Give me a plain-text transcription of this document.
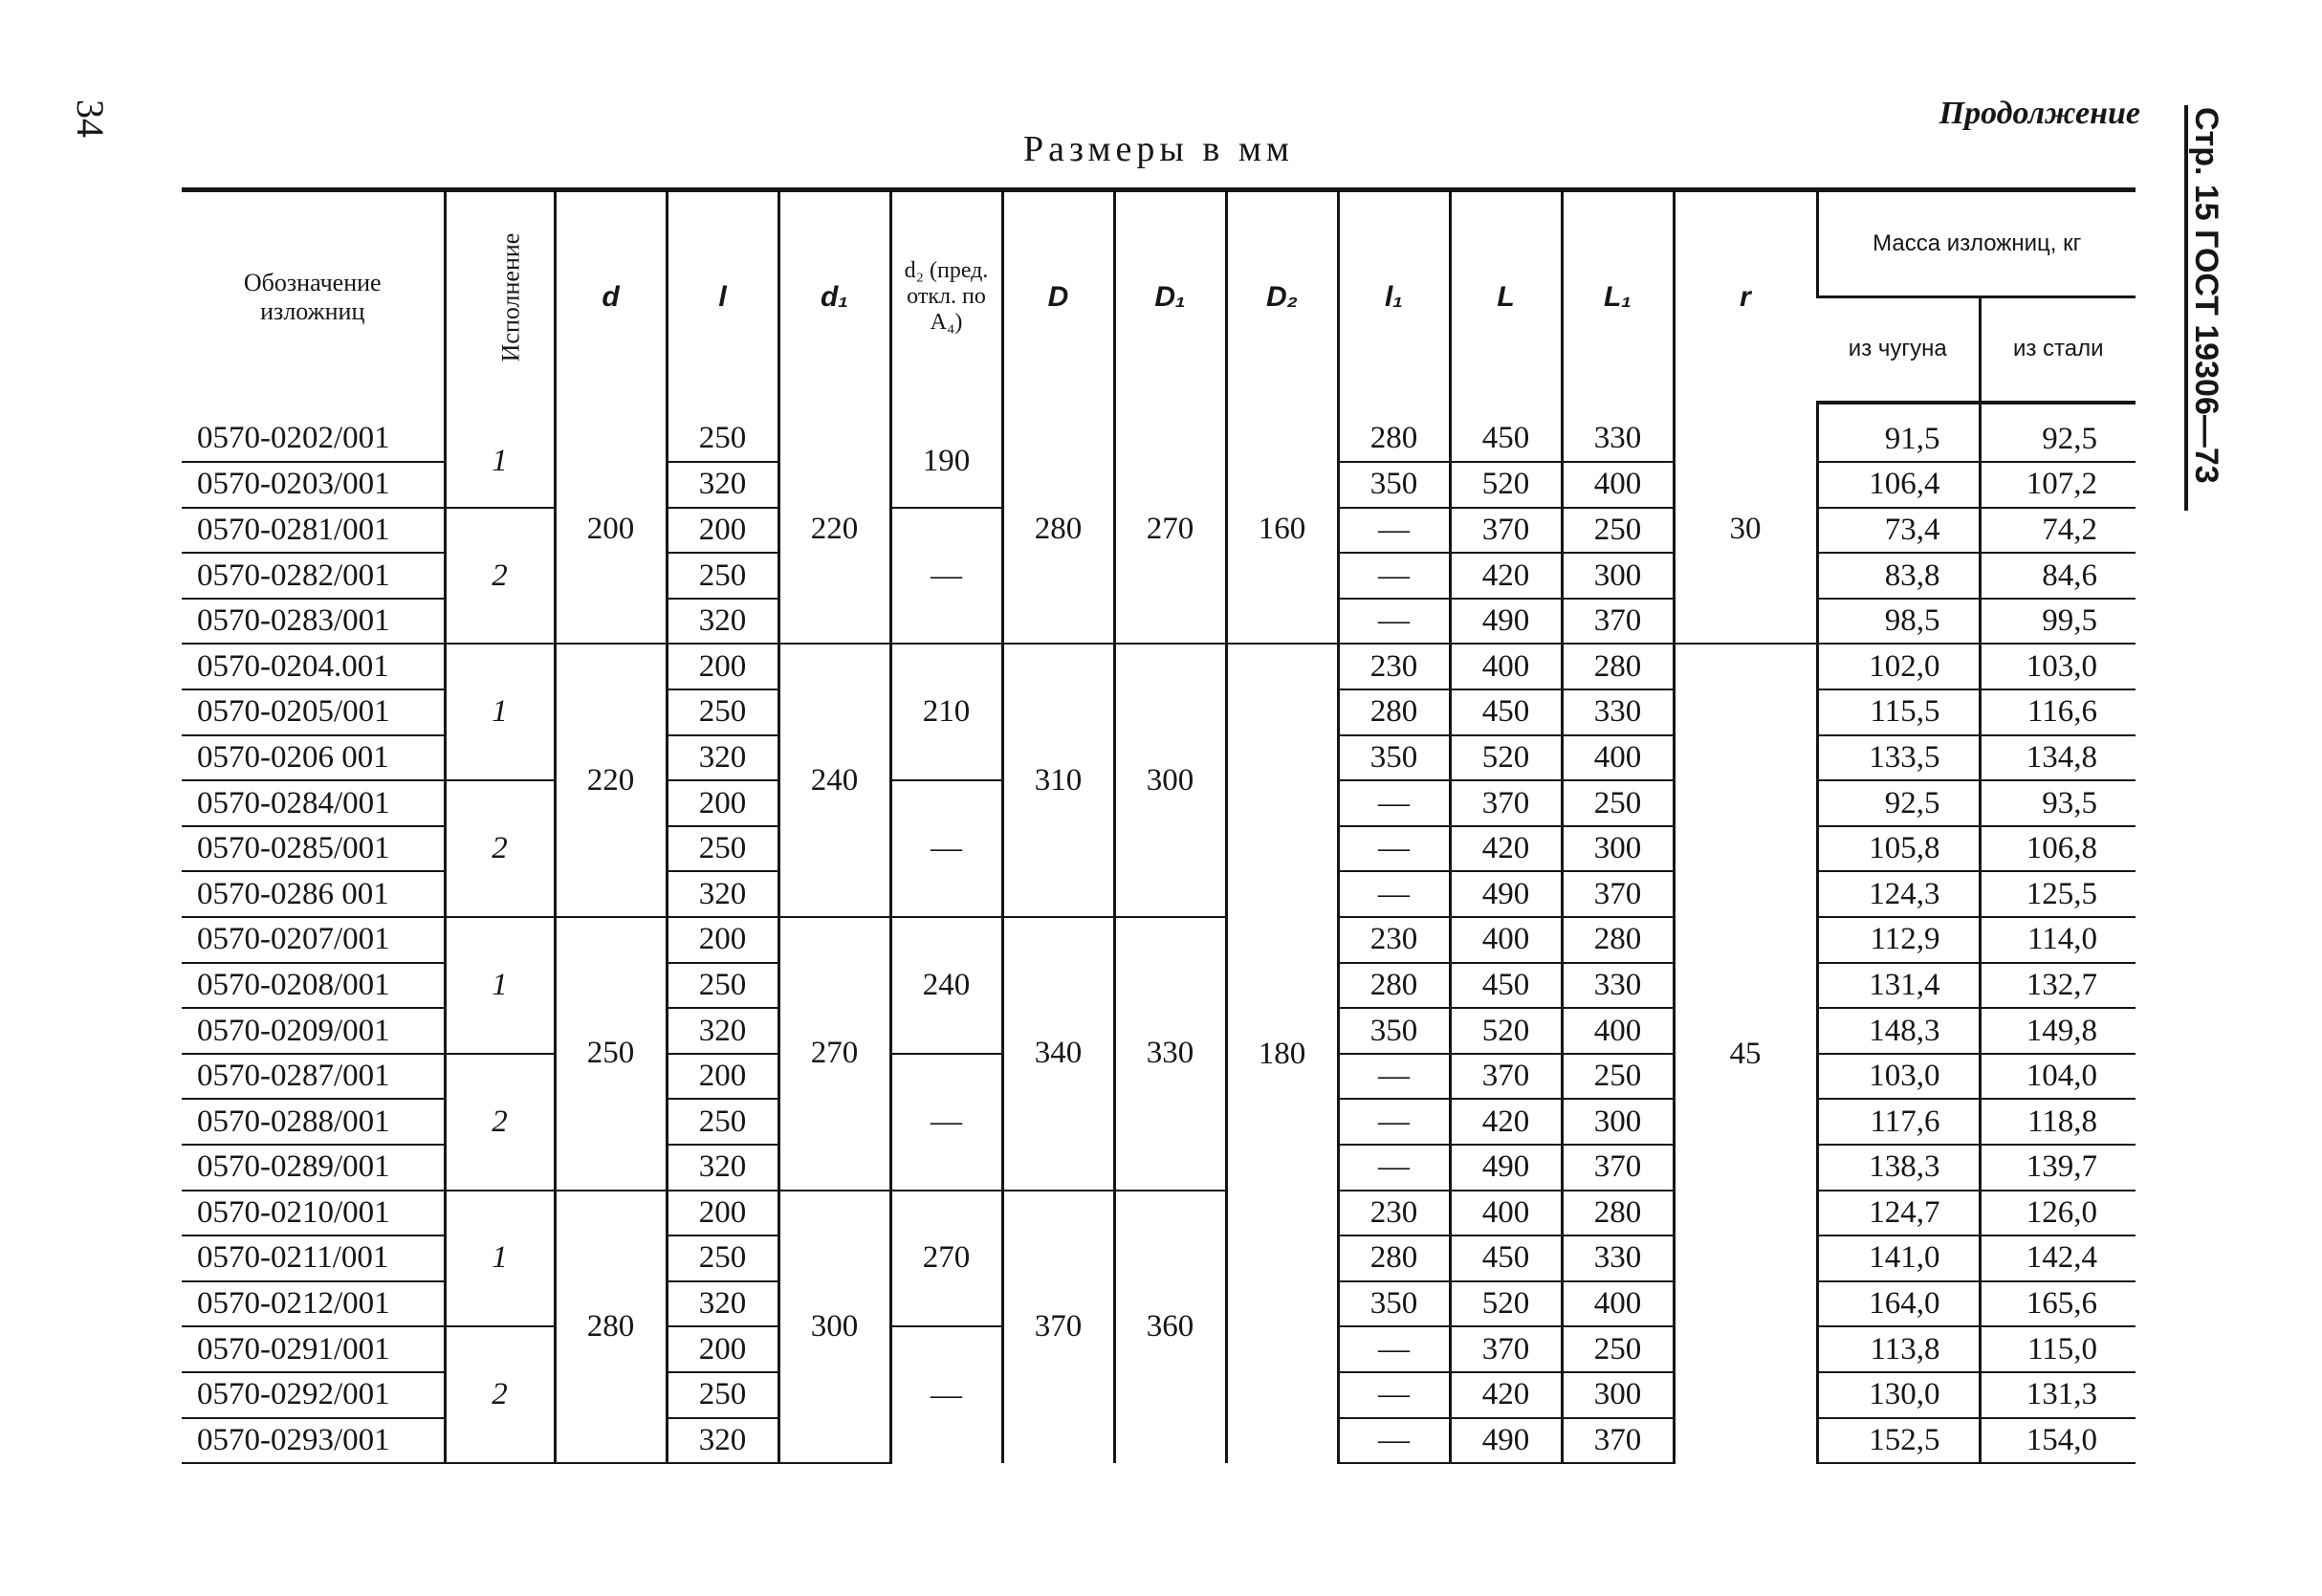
34	Продолжение
Размеры в мм	Стр. 15 ГОСТ 19306—73
Обозначение изложниц	Исполнение	d	l	d₁	d₂ (пред. откл. по A₄)	D	D₁	D₂	l₁	L	L₁	r	Масса изложниц, кг	
													из чугуна	из стали
0570-0202/001	1	200	250	220	190	280	270	160	280	450	330	30	91,5	92,5
0570-0203/001			320						350	520	400		106,4	107,2
0570-0281/001	2		200		—				—	370	250		73,4	74,2
0570-0282/001			250						—	420	300		83,8	84,6
0570-0283/001			320						—	490	370		98,5	99,5
0570-0204.001	1	220	200	240	210	310	300	180	230	400	280	45	102,0	103,0
0570-0205/001			250						280	450	330		115,5	116,6
0570-0206 001			320						350	520	400		133,5	134,8
0570-0284/001	2		200		—				—	370	250		92,5	93,5
0570-0285/001			250						—	420	300		105,8	106,8
0570-0286 001			320						—	490	370		124,3	125,5
0570-0207/001	1	250	200	270	240	340	330		230	400	280		112,9	114,0
0570-0208/001			250						280	450	330		131,4	132,7
0570-0209/001			320						350	520	400		148,3	149,8
0570-0287/001	2		200		—				—	370	250		103,0	104,0
0570-0288/001			250						—	420	300		117,6	118,8
0570-0289/001			320						—	490	370		138,3	139,7
0570-0210/001	1	280	200	300	270	370	360		230	400	280		124,7	126,0
0570-0211/001			250						280	450	330		141,0	142,4
0570-0212/001			320						350	520	400		164,0	165,6
0570-0291/001	2		200		—				—	370	250		113,8	115,0
0570-0292/001			250						—	420	300		130,0	131,3
0570-0293/001			320						—	490	370		152,5	154,0
